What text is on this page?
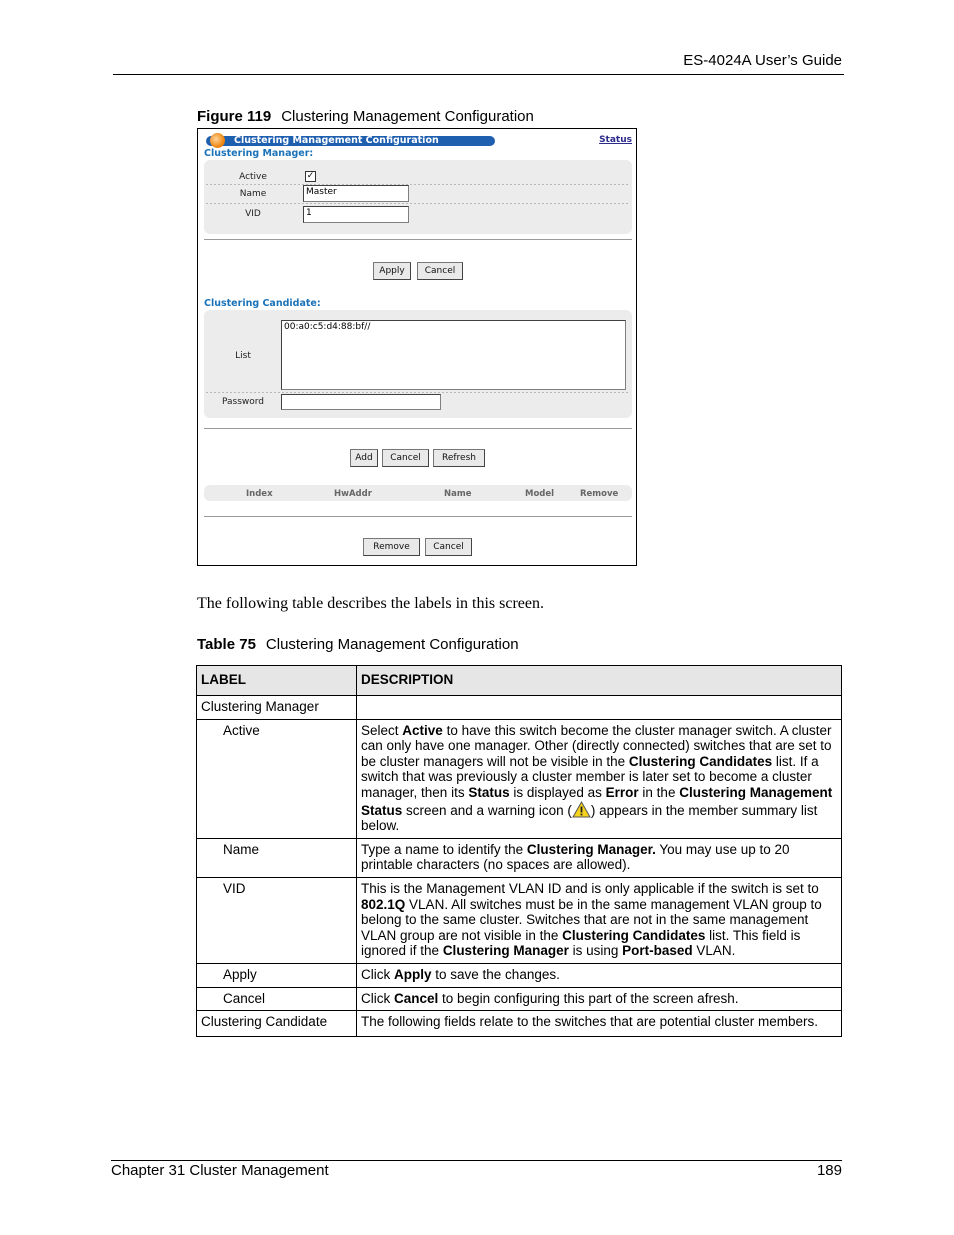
ES-4024A User’s Guide
Figure 119 Clustering Management Configuration
Clustering Management Configuration	Status
Clustering Manager:
Active	✓
Name	Master
VID	1
Apply	Cancel
Clustering Candidate:
List
00:a0:c5:d4:88:bf//
Password
Add	Cancel	Refresh
Index	HwAddr	Name	Model	Remove
Remove	Cancel
The following table describes the labels in this screen.
Table 75 Clustering Management Configuration
LABEL	DESCRIPTION
Clustering Manager	
Active	Select Active to have this switch become the cluster manager switch. A cluster can only have one manager. Other (directly connected) switches that are set to be cluster managers will not be visible in the Clustering Candidates list. If a switch that was previously a cluster member is later set to become a cluster manager, then its Status is displayed as Error in the Clustering Management Status screen and a warning icon ( ) appears in the member summary list below.
Name	Type a name to identify the Clustering Manager. You may use up to 20 printable characters (no spaces are allowed).
VID	This is the Management VLAN ID and is only applicable if the switch is set to 802.1Q VLAN. All switches must be in the same management VLAN group to belong to the same cluster. Switches that are not in the same management VLAN group are not visible in the Clustering Candidates list. This field is ignored if the Clustering Manager is using Port-based VLAN.
Apply	Click Apply to save the changes.
Cancel	Click Cancel to begin configuring this part of the screen afresh.
Clustering Candidate	The following fields relate to the switches that are potential cluster members.
Chapter 31 Cluster Management	189
